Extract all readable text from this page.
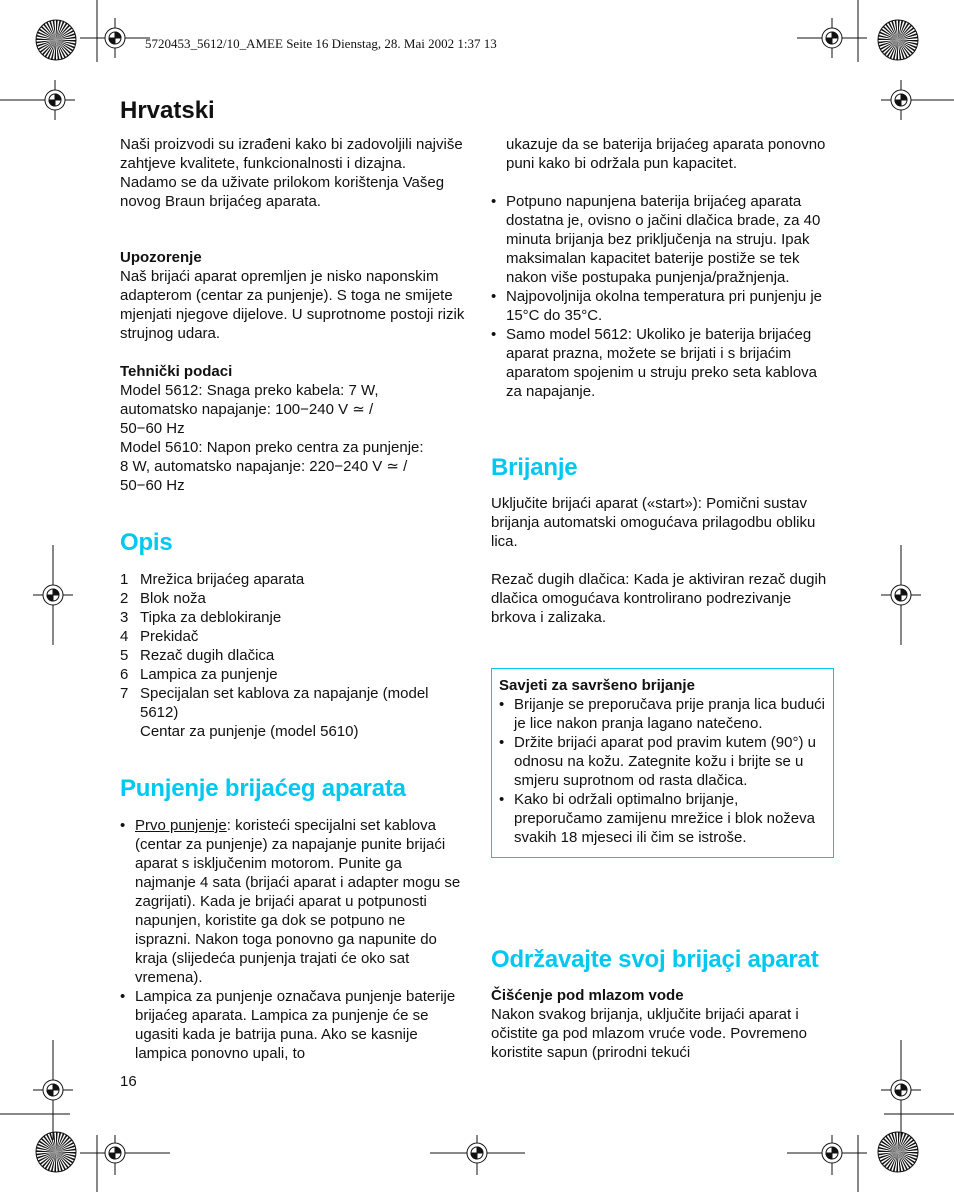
5720453_5612/10_AMEE Seite 16 Dienstag, 28. Mai 2002 1:37 13
Hrvatski

Naši proizvodi su izrađeni kako bi zadovoljili najviše zahtjeve kvalitete, funkcionalnosti i dizajna. Nadamo se da uživate prilokom korištenja Vašeg novog Braun brijaćeg aparata.

Upozorenje

Naš brijaći aparat opremljen je nisko naponskim adapterom (centar za punjenje). S toga ne smijete mjenjati njegove dijelove. U suprotnome postoji rizik strujnog udara.

Tehnički podaci

Model 5612: Snaga preko kabela: 7 W,
automatsko napajanje: 100−240 V ≃ /
50−60 Hz
Model 5610: Napon preko centra za punjenje:
8 W, automatsko napajanje: 220−240 V ≃ /
50−60 Hz
Opis
1 Mrežica brijaćeg aparata
2 Blok noža
3 Tipka za deblokiranje
4 Prekidač
5 Rezač dugih dlačica
6 Lampica za punjenje
7 Specijalan set kablova za napajanje (model 5612)
Centar za punjenje (model 5610)
Punjenje brijaćeg aparata
• Prvo punjenje: koristeći specijalni set kablova (centar za punjenje) za napajanje punite brijaći aparat s isključenim motorom. Punite ga najmanje 4 sata (brijaći aparat i adapter mogu se zagrijati). Kada je brijaći aparat u potpunosti napunjen, koristite ga dok se potpuno ne isprazni. Nakon toga ponovno ga napunite do kraja (slijedeća punjenja trajati će oko sat vremena).
• Lampica za punjenje označava punjenje baterije brijaćeg aparata. Lampica za punjenje će se ugasiti kada je batrija puna. Ako se kasnije lampica ponovno upali, to

ukazuje da se baterija brijaćeg aparata ponovno puni kako bi održala pun kapacitet.

• Potpuno napunjena baterija brijaćeg aparata dostatna je, ovisno o jačini dlačica brade, za 40 minuta brijanja bez priključenja na struju. Ipak maksimalan kapacitet baterije postiže se tek nakon više postupaka punjenja/pražnjenja.
• Najpovoljnija okolna temperatura pri punjenju je 15°C do 35°C.
• Samo model 5612: Ukoliko je baterija brijaćeg aparat prazna, možete se brijati i s brijaćim aparatom spojenim u struju preko seta kablova za napajanje.
Brijanje

Uključite brijaći aparat («start»): Pomični sustav brijanja automatski omogućava prilagodbu obliku lica.

Rezač dugih dlačica: Kada je aktiviran rezač dugih dlačica omogućava kontrolirano podrezivanje brkova i zalizaka.

Savjeti za savršeno brijanje

• Brijanje se preporučava prije pranja lica budući je lice nakon pranja lagano natečeno.
• Držite brijaći aparat pod pravim kutem (90°) u odnosu na kožu. Zategnite kožu i brijte se u smjeru suprotnom od rasta dlačica.
• Kako bi održali optimalno brijanje, preporučamo zamijenu mrežice i blok noževa svakih 18 mjeseci ili čim se istroše.
Održavajte svoj brijaçi aparat

Čišćenje pod mlazom vode

Nakon svakog brijanja, uključite brijaći aparat i očistite ga pod mlazom vruće vode. Povremeno koristite sapun (prirodni tekući

16
